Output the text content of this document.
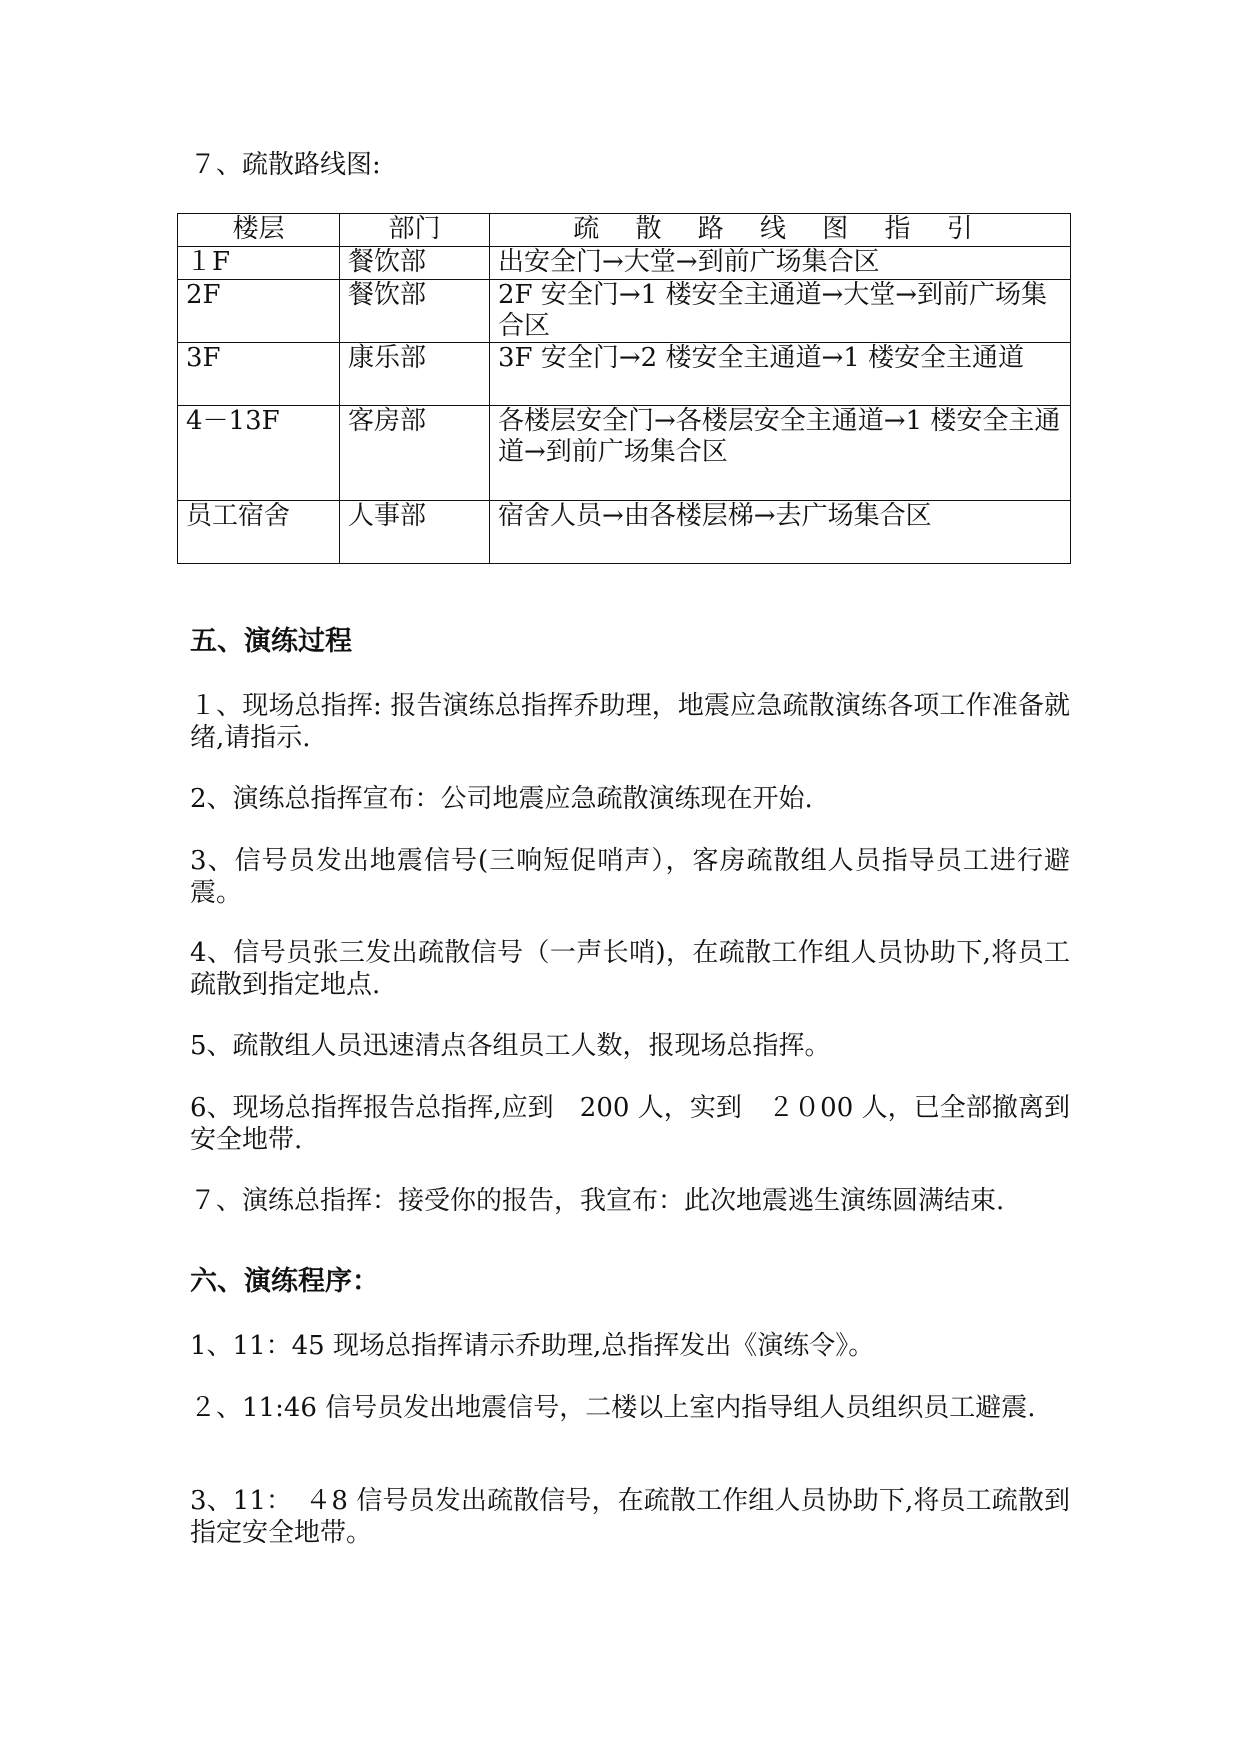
７、疏散路线图:
楼层	部门	疏 散 路 线 图 指 引
１F	餐饮部	出安全门→大堂→到前广场集合区
2F	餐饮部	2F 安全门→1 楼安全主通道→大堂→到前广场集合区
3F	康乐部	3F 安全门→2 楼安全主通道→1 楼安全主通道
4－13F	客房部	各楼层安全门→各楼层安全主通道→1 楼安全主通道→到前广场集合区
员工宿舍	人事部	宿舍人员→由各楼层梯→去广场集合区
五、演练过程

１、现场总指挥: 报告演练总指挥乔助理，地震应急疏散演练各项工作准备就绪,请指示.

2、演练总指挥宣布：公司地震应急疏散演练现在开始.

3、信号员发出地震信号(三响短促哨声），客房疏散组人员指导员工进行避震。

4、信号员张三发出疏散信号（一声长哨)，在疏散工作组人员协助下,将员工疏散到指定地点.

5、疏散组人员迅速清点各组员工人数，报现场总指挥。

6、现场总指挥报告总指挥,应到　200 人，实到　２０00 人，已全部撤离到安全地带.

７、演练总指挥：接受你的报告，我宣布：此次地震逃生演练圆满结束.

六、演练程序：

1、11：45 现场总指挥请示乔助理,总指挥发出《演练令》。

２、11:46 信号员发出地震信号，二楼以上室内指导组人员组织员工避震.

3、11：　４8 信号员发出疏散信号，在疏散工作组人员协助下,将员工疏散到指定安全地带。
